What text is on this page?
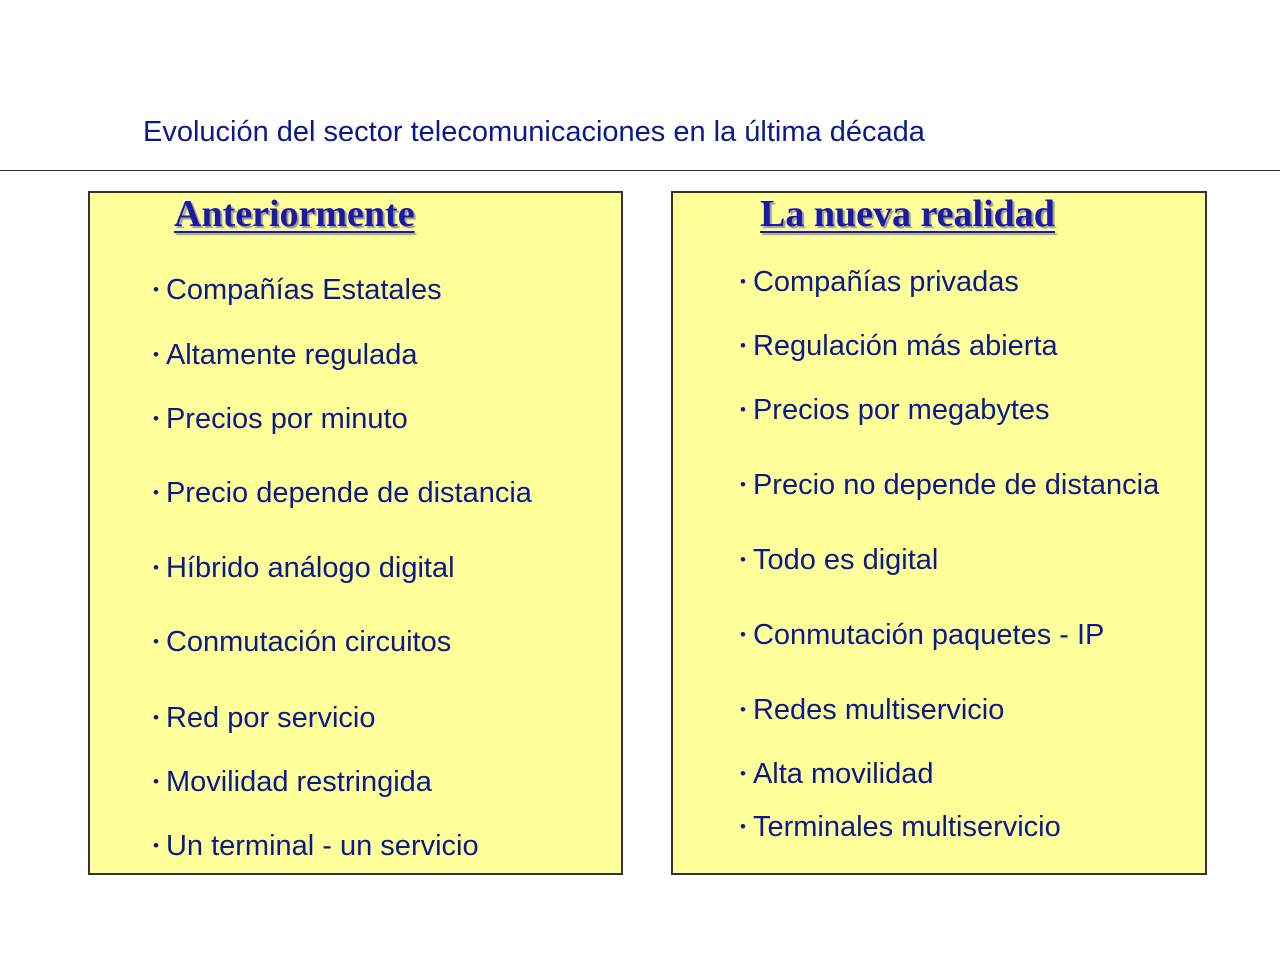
Evolución del sector telecomunicaciones en la última década
Anteriormente	La nueva realidad
• Compañías Estatales
• Altamente regulada
• Precios por minuto
• Precio depende de distancia
• Híbrido análogo digital
• Conmutación circuitos
• Red por servicio
• Movilidad restringida
• Un terminal - un servicio
• Compañías privadas
• Regulación más abierta
• Precios por megabytes
• Precio no depende de distancia
• Todo es digital
• Conmutación paquetes - IP
• Redes multiservicio
• Alta movilidad
• Terminales multiservicio
